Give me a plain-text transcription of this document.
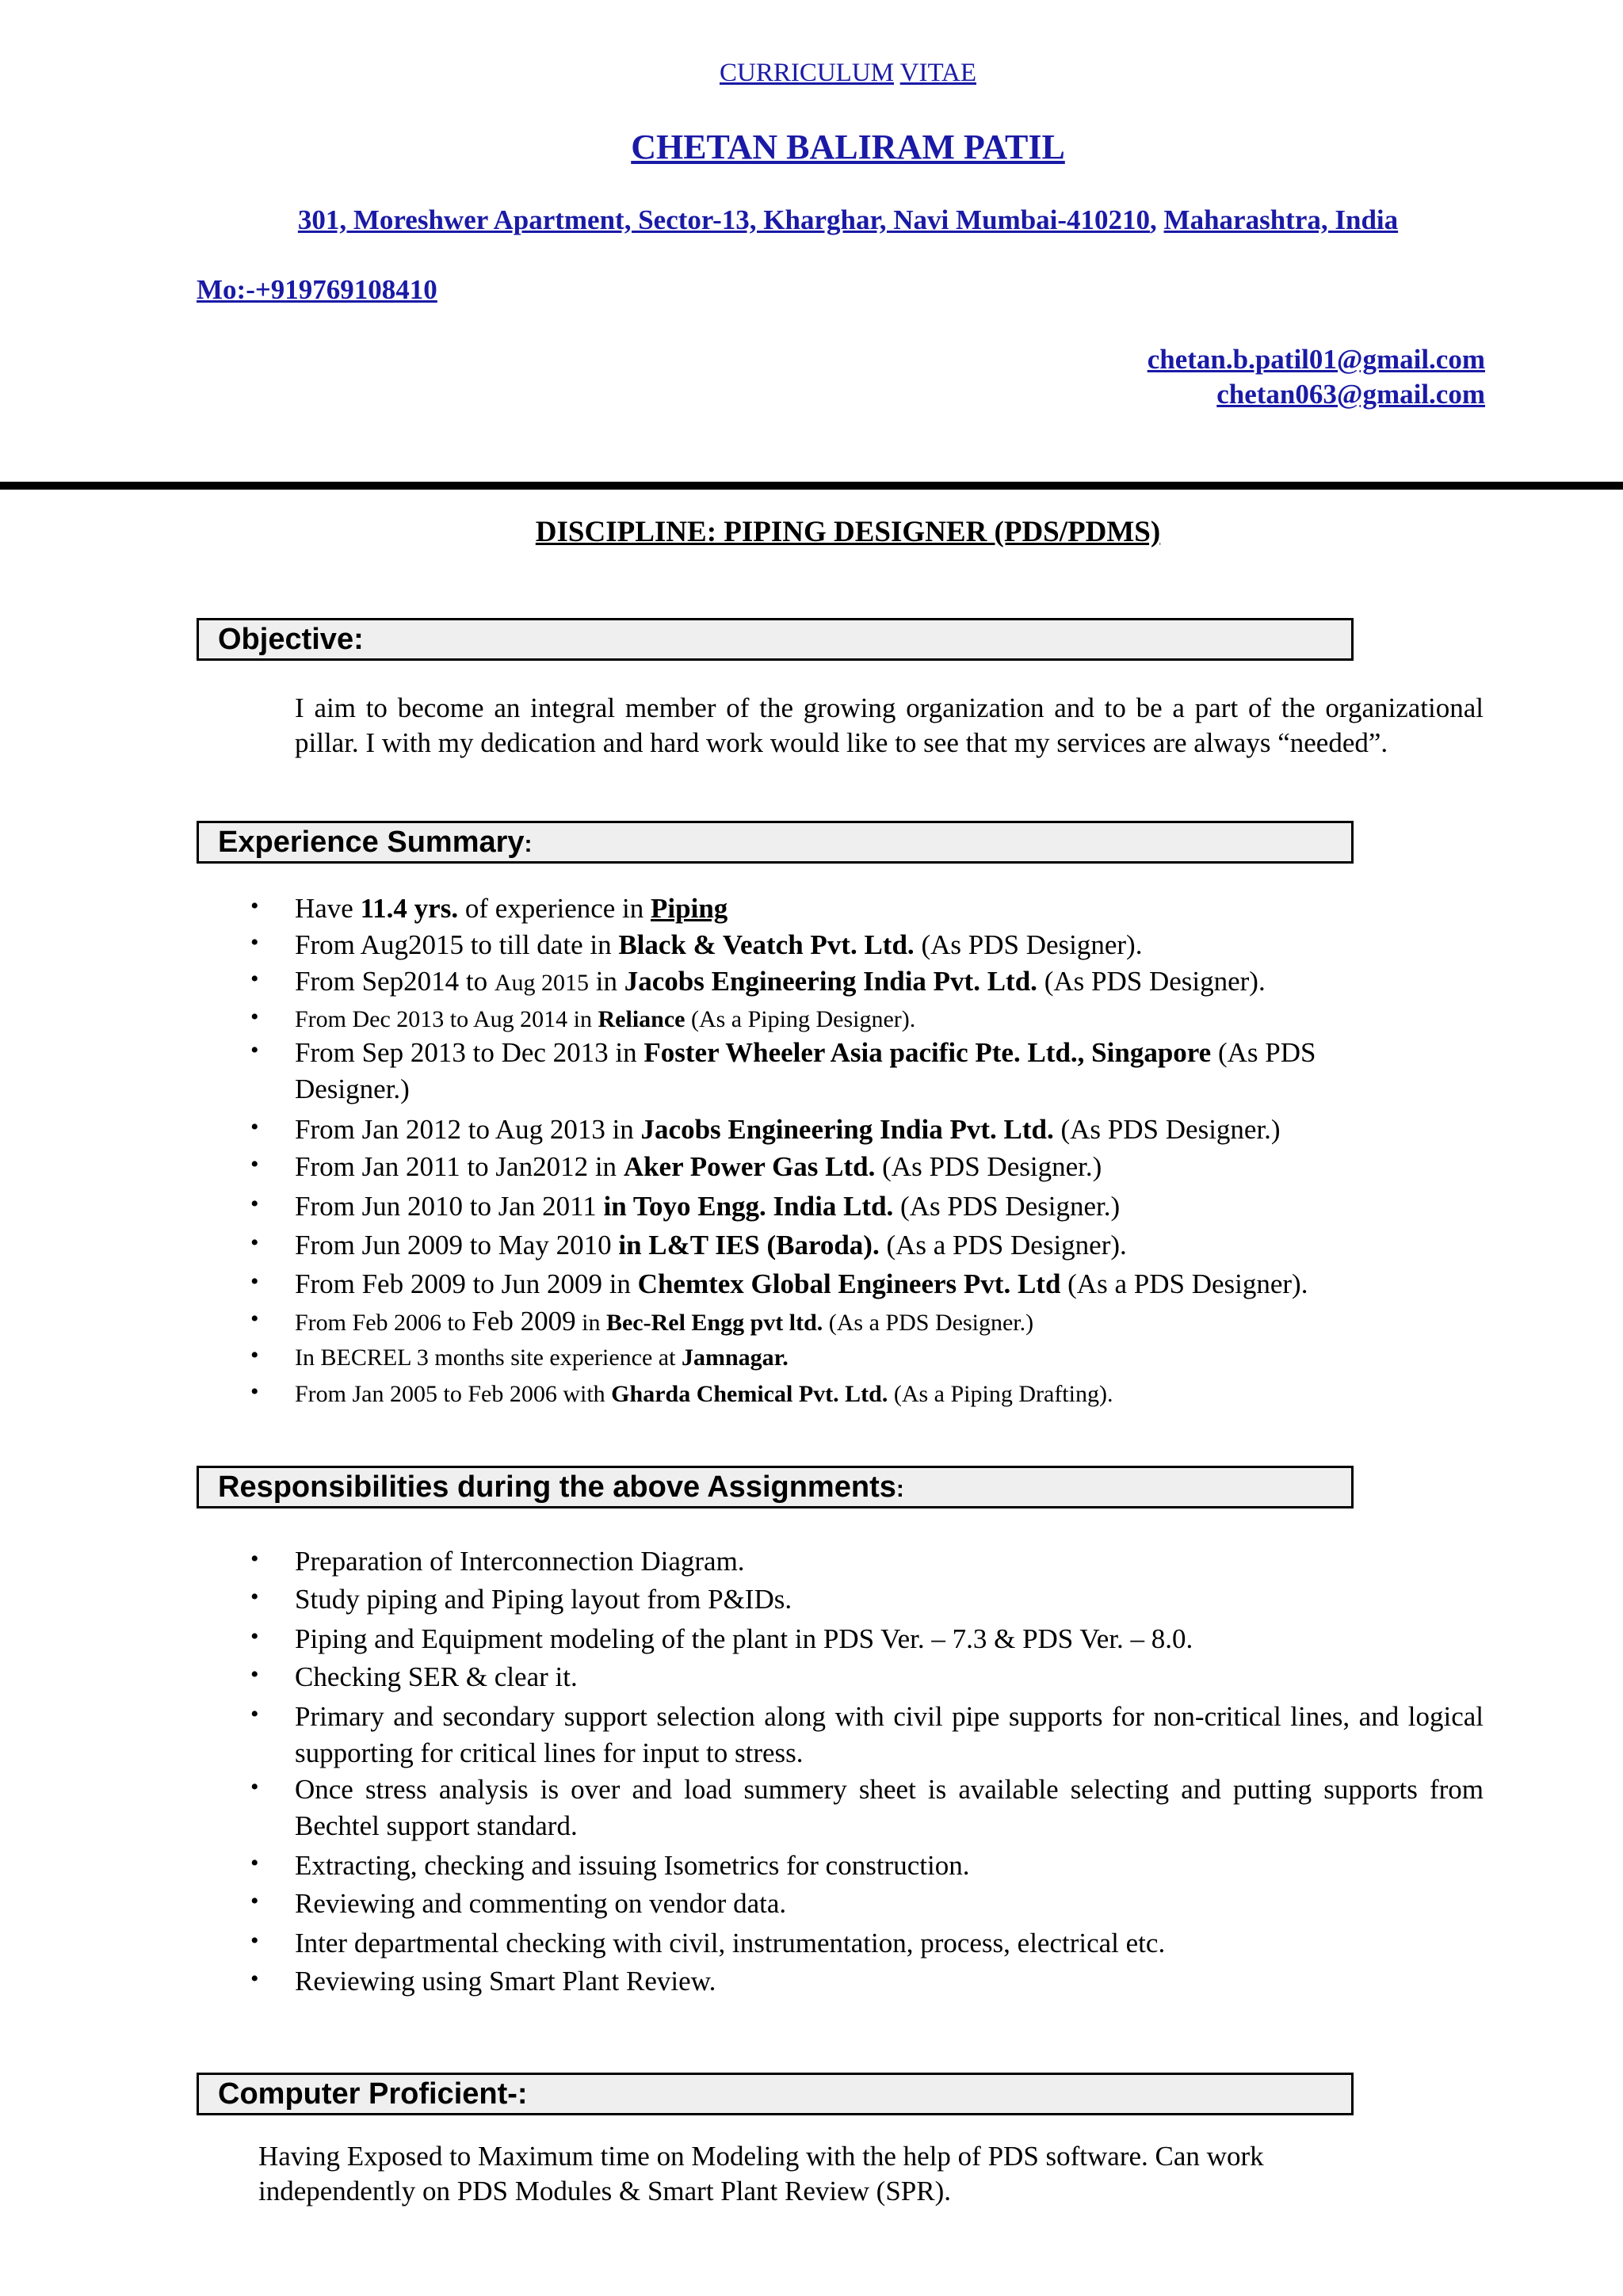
CURRICULUM VITAE
CHETAN BALIRAM PATIL
301, Moreshwer Apartment, Sector-13, Kharghar, Navi Mumbai-410210, Maharashtra, India
Mo:-+919769108410
chetan.b.patil01@gmail.com
chetan063@gmail.com
DISCIPLINE: PIPING DESIGNER (PDS/PDMS)
Objective:
I aim to become an integral member of the growing organization and to be a part of the organizational pillar. I with my dedication and hard work would like to see that my services are always “needed”.
Experience Summary:
• Have 11.4 yrs. of experience in Piping
• From Aug2015 to till date in Black & Veatch Pvt. Ltd. (As PDS Designer).
• From Sep2014 to Aug 2015 in Jacobs Engineering India Pvt. Ltd. (As PDS Designer).
• From Dec 2013 to Aug 2014 in Reliance (As a Piping Designer).
• From Sep 2013 to Dec 2013 in Foster Wheeler Asia pacific Pte. Ltd., Singapore (As PDS
Designer.)
• From Jan 2012 to Aug 2013 in Jacobs Engineering India Pvt. Ltd. (As PDS Designer.)
• From Jan 2011 to Jan2012 in Aker Power Gas Ltd. (As PDS Designer.)
• From Jun 2010 to Jan 2011 in Toyo Engg. India Ltd. (As PDS Designer.)
• From Jun 2009 to May 2010 in L&T IES (Baroda). (As a PDS Designer).
• From Feb 2009 to Jun 2009 in Chemtex Global Engineers Pvt. Ltd (As a PDS Designer).
• From Feb 2006 to Feb 2009 in Bec-Rel Engg pvt ltd. (As a PDS Designer.)
• In BECREL 3 months site experience at Jamnagar.
• From Jan 2005 to Feb 2006 with Gharda Chemical Pvt. Ltd. (As a Piping Drafting).
Responsibilities during the above Assignments:
• Preparation of Interconnection Diagram.
• Study piping and Piping layout from P&IDs.
• Piping and Equipment modeling of the plant in PDS Ver. – 7.3 & PDS Ver. – 8.0.
• Checking SER & clear it.
• Primary and secondary support selection along with civil pipe supports for non-critical lines, and logical supporting for critical lines for input to stress.
• Once stress analysis is over and load summery sheet is available selecting and putting supports from Bechtel support standard.
• Extracting, checking and issuing Isometrics for construction.
• Reviewing and commenting on vendor data.
• Inter departmental checking with civil, instrumentation, process, electrical etc.
• Reviewing using Smart Plant Review.
Computer Proficient-:
Having Exposed to Maximum time on Modeling with the help of PDS software. Can work independently on PDS Modules & Smart Plant Review (SPR).
